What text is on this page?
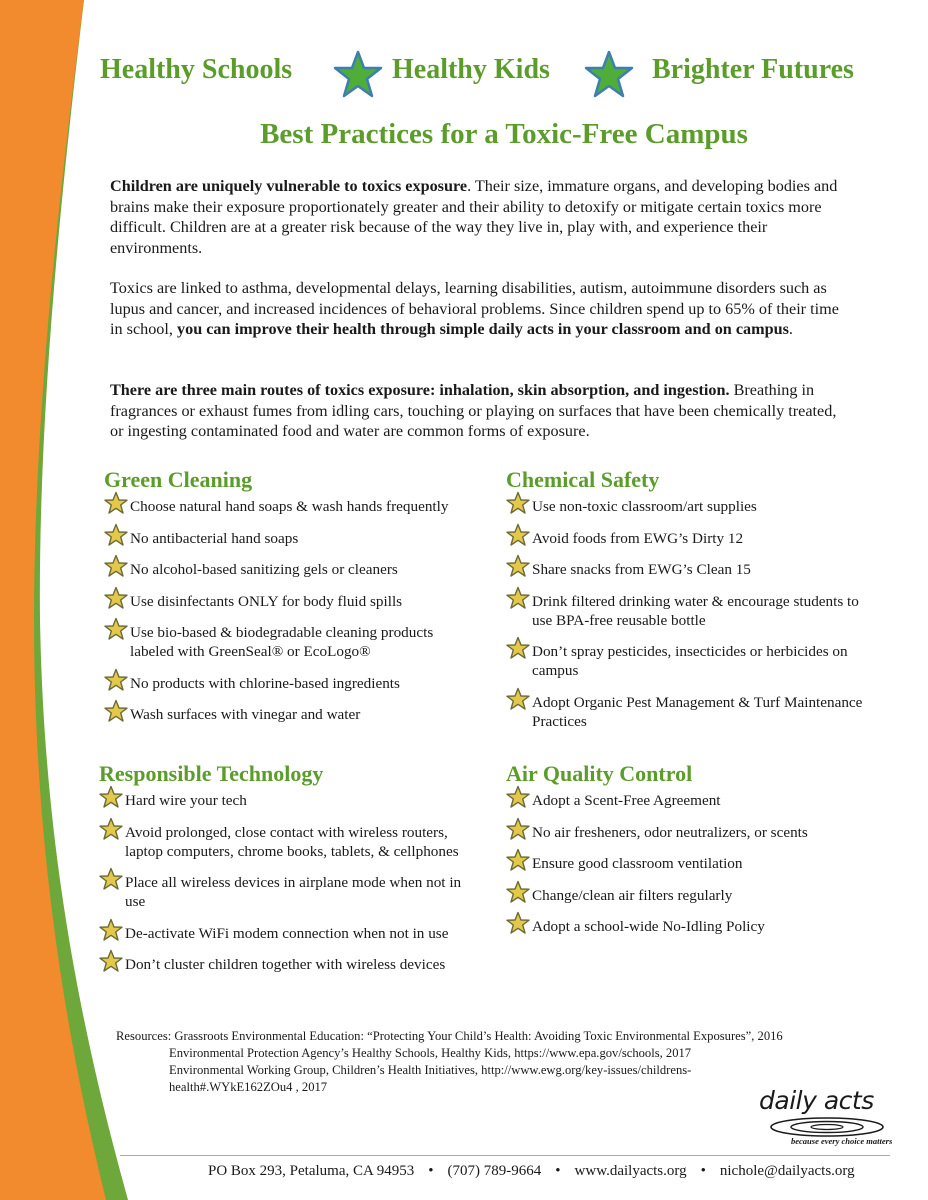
Healthy Schools	Healthy Kids	Brighter Futures
Best Practices for a Toxic-Free Campus

Children are uniquely vulnerable to toxics exposure. Their size, immature organs, and developing bodies and brains make their exposure proportionately greater and their ability to detoxify or mitigate certain toxics more difficult. Children are at a greater risk because of the way they live in, play with, and experience their environments.

Toxics are linked to asthma, developmental delays, learning disabilities, autism, autoimmune disorders such as lupus and cancer, and increased incidences of behavioral problems. Since children spend up to 65% of their time in school, you can improve their health through simple daily acts in your classroom and on campus.

There are three main routes of toxics exposure: inhalation, skin absorption, and ingestion. Breathing in fragrances or exhaust fumes from idling cars, touching or playing on surfaces that have been chemically treated, or ingesting contaminated food and water are common forms of exposure.

Green Cleaning
Choose natural hand soaps & wash hands frequently
No antibacterial hand soaps
No alcohol-based sanitizing gels or cleaners
Use disinfectants ONLY for body fluid spills
Use bio-based & biodegradable cleaning products labeled with GreenSeal® or EcoLogo®
No products with chlorine-based ingredients
Wash surfaces with vinegar and water
Chemical Safety
Use non-toxic classroom/art supplies
Avoid foods from EWG’s Dirty 12
Share snacks from EWG’s Clean 15
Drink filtered drinking water & encourage students to use BPA-free reusable bottle
Don’t spray pesticides, insecticides or herbicides on campus
Adopt Organic Pest Management & Turf Maintenance Practices
Responsible Technology
Hard wire your tech
Avoid prolonged, close contact with wireless routers, laptop computers, chrome books, tablets, & cellphones
Place all wireless devices in airplane mode when not in use
De-activate WiFi modem connection when not in use
Don’t cluster children together with wireless devices
Air Quality Control
Adopt a Scent-Free Agreement
No air fresheners, odor neutralizers, or scents
Ensure good classroom ventilation
Change/clean air filters regularly
Adopt a school-wide No-Idling Policy
Resources: Grassroots Environmental Education: “Protecting Your Child’s Health: Avoiding Toxic Environmental Exposures”, 2016
Environmental Protection Agency’s Healthy Schools, Healthy Kids, https://www.epa.gov/schools, 2017
Environmental Working Group, Children’s Health Initiatives, http://www.ewg.org/key-issues/childrens-
health#.WYkE162ZOu4 , 2017	daily acts
because every choice matters
PO Box 293, Petaluma, CA 94953 • (707) 789-9664 • www.dailyacts.org • nichole@dailyacts.org
